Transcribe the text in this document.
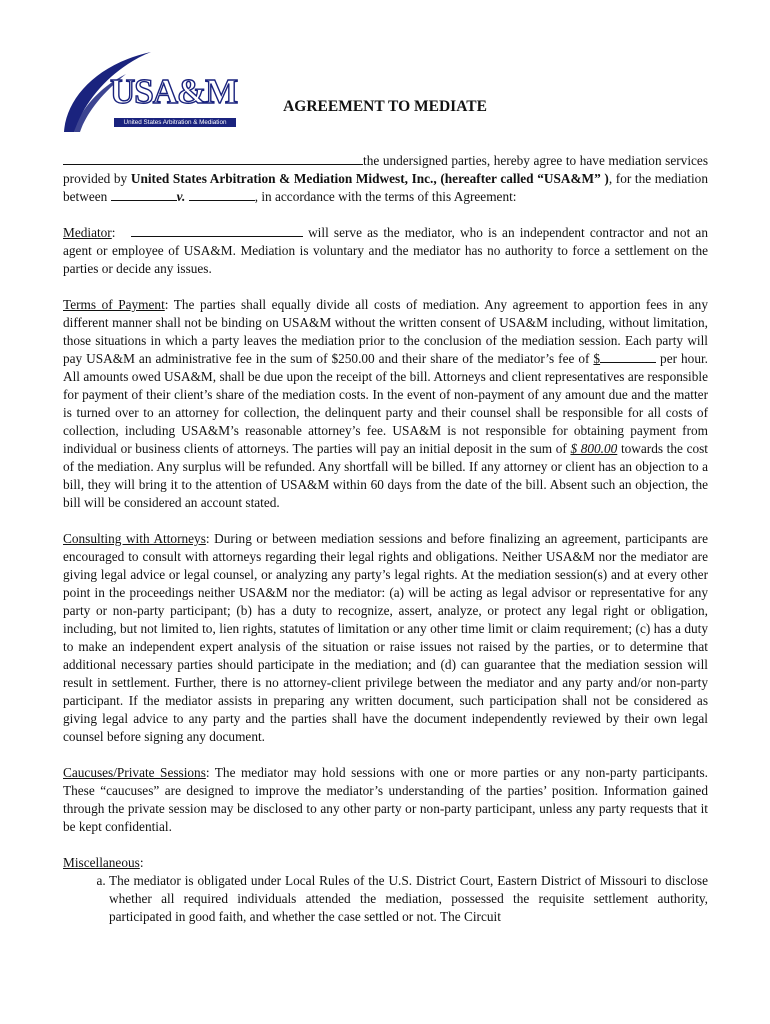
USA&M
United States Arbitration & Mediation
AGREEMENT TO MEDIATE

the undersigned parties, hereby agree to have mediation services provided by United States Arbitration & Mediation Midwest, Inc., (hereafter called “USA&M” ), for the mediation between	v.	, in accordance with the terms of this Agreement:

Mediator:	will serve as the mediator, who is an independent contractor and not an agent or employee of USA&M. Mediation is voluntary and the mediator has no authority to force a settlement on the parties or decide any issues.

Terms of Payment: The parties shall equally divide all costs of mediation. Any agreement to apportion fees in any different manner shall not be binding on USA&M without the written consent of USA&M including, without limitation, those situations in which a party leaves the mediation prior to the conclusion of the mediation session. Each party will pay USA&M an administrative fee in the sum of $250.00 and their share of the mediator’s fee of $	per hour. All amounts owed USA&M, shall be due upon the receipt of the bill. Attorneys and client representatives are responsible for payment of their client’s share of the mediation costs. In the event of non-payment of any amount due and the matter is turned over to an attorney for collection, the delinquent party and their counsel shall be responsible for all costs of collection, including USA&M’s reasonable attorney’s fee. USA&M is not responsible for obtaining payment from individual or business clients of attorneys. The parties will pay an initial deposit in the sum of $ 800.00 towards the cost of the mediation. Any surplus will be refunded. Any shortfall will be billed. If any attorney or client has an objection to a bill, they will bring it to the attention of USA&M within 60 days from the date of the bill. Absent such an objection, the bill will be considered an account stated.

Consulting with Attorneys: During or between mediation sessions and before finalizing an agreement, participants are encouraged to consult with attorneys regarding their legal rights and obligations. Neither USA&M nor the mediator are giving legal advice or legal counsel, or analyzing any party’s legal rights. At the mediation session(s) and at every other point in the proceedings neither USA&M nor the mediator: (a) will be acting as legal advisor or representative for any party or non-party participant; (b) has a duty to recognize, assert, analyze, or protect any legal right or obligation, including, but not limited to, lien rights, statutes of limitation or any other time limit or claim requirement; (c) has a duty to make an independent expert analysis of the situation or raise issues not raised by the parties, or to determine that additional necessary parties should participate in the mediation; and (d) can guarantee that the mediation session will result in settlement. Further, there is no attorney-client privilege between the mediator and any party and/or non-party participant. If the mediator assists in preparing any written document, such participation shall not be considered as giving legal advice to any party and the parties shall have the document independently reviewed by their own legal counsel before signing any document.

Caucuses/Private Sessions: The mediator may hold sessions with one or more parties or any non-party participants. These “caucuses” are designed to improve the mediator’s understanding of the parties’ position. Information gained through the private session may be disclosed to any other party or non-party participant, unless any party requests that it be kept confidential.

Miscellaneous:
a. The mediator is obligated under Local Rules of the U.S. District Court, Eastern District of Missouri to disclose whether all required individuals attended the mediation, possessed the requisite settlement authority, participated in good faith, and whether the case settled or not. The Circuit
